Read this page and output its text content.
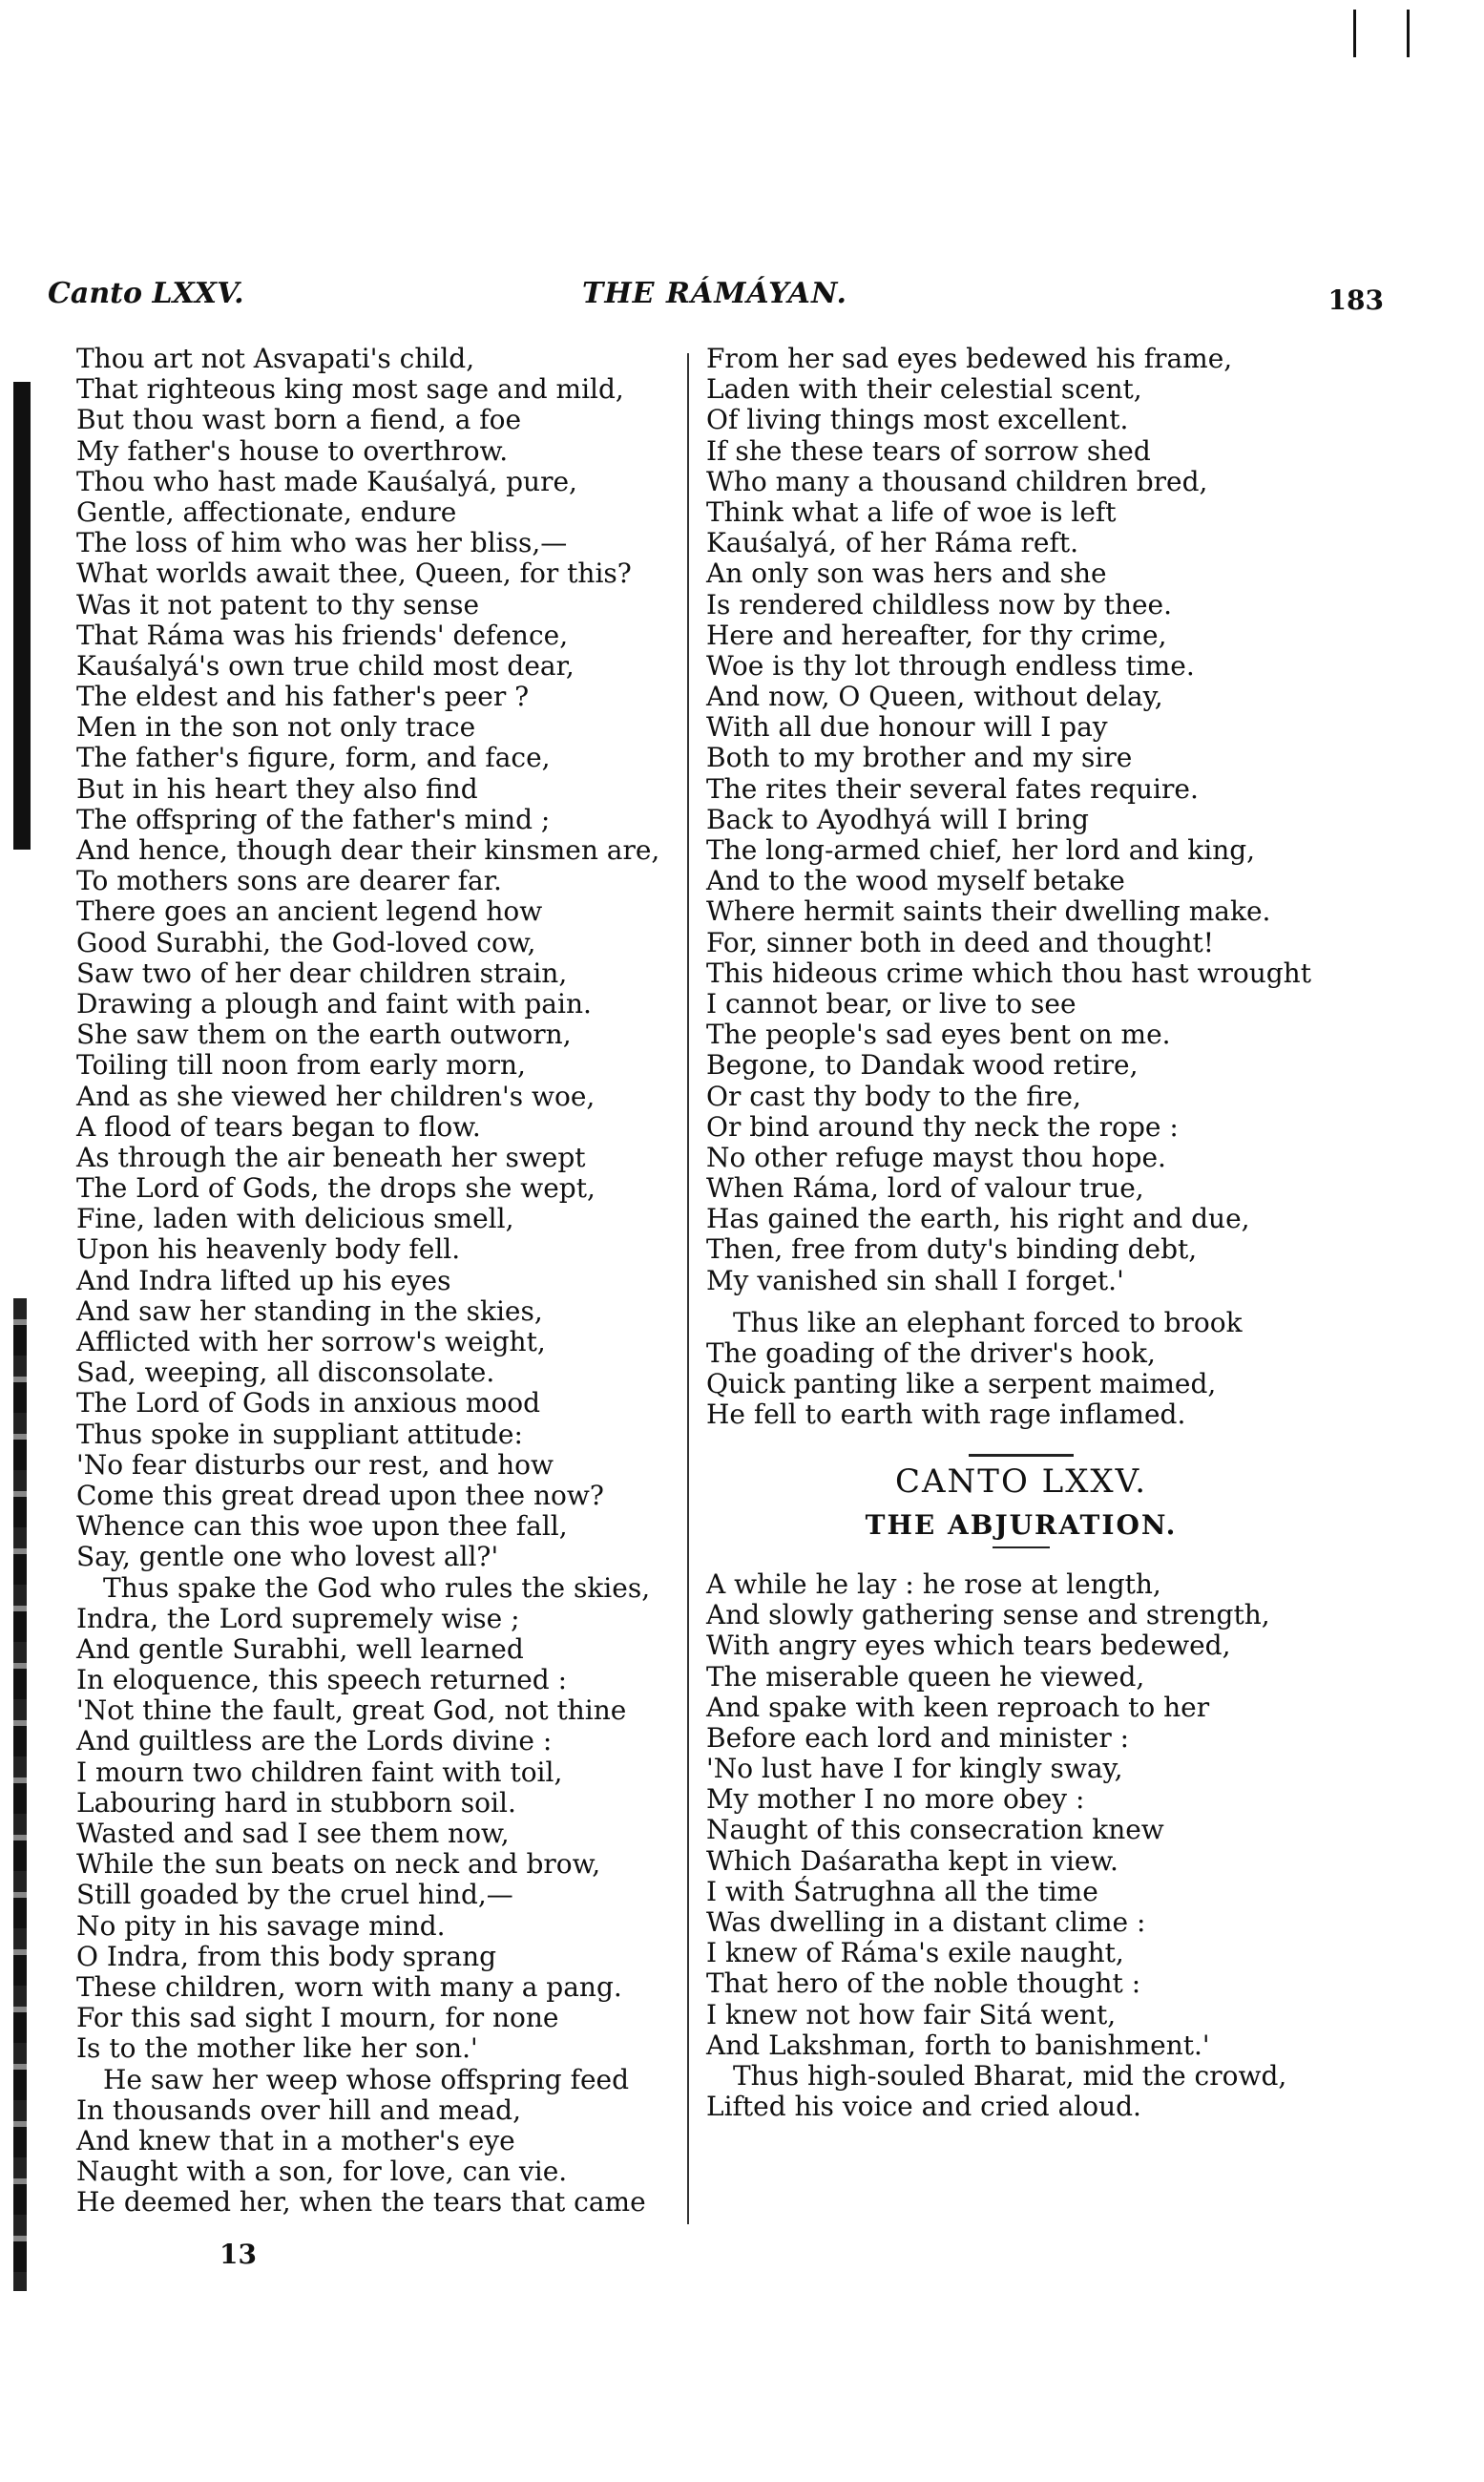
Canto LXXV.	THE RÁMÁYAN.	183
Thou art not Asvapati's child,
That righteous king most sage and mild,
But thou wast born a fiend, a foe
My father's house to overthrow.
Thou who hast made Kauśalyá, pure,
Gentle, affectionate, endure
The loss of him who was her bliss,—
What worlds await thee, Queen, for this?
Was it not patent to thy sense
That Ráma was his friends' defence,
Kauśalyá's own true child most dear,
The eldest and his father's peer ?
Men in the son not only trace
The father's figure, form, and face,
But in his heart they also find
The offspring of the father's mind ;
And hence, though dear their kinsmen are,
To mothers sons are dearer far.
There goes an ancient legend how
Good Surabhi, the God-loved cow,
Saw two of her dear children strain,
Drawing a plough and faint with pain.
She saw them on the earth outworn,
Toiling till noon from early morn,
And as she viewed her children's woe,
A flood of tears began to flow.
As through the air beneath her swept
The Lord of Gods, the drops she wept,
Fine, laden with delicious smell,
Upon his heavenly body fell.
And Indra lifted up his eyes
And saw her standing in the skies,
Afflicted with her sorrow's weight,
Sad, weeping, all disconsolate.
The Lord of Gods in anxious mood
Thus spoke in suppliant attitude:
'No fear disturbs our rest, and how
Come this great dread upon thee now?
Whence can this woe upon thee fall,
Say, gentle one who lovest all?'
Thus spake the God who rules the skies,
Indra, the Lord supremely wise ;
And gentle Surabhi, well learned
In eloquence, this speech returned :
'Not thine the fault, great God, not thine
And guiltless are the Lords divine :
I mourn two children faint with toil,
Labouring hard in stubborn soil.
Wasted and sad I see them now,
While the sun beats on neck and brow,
Still goaded by the cruel hind,—
No pity in his savage mind.
O Indra, from this body sprang
These children, worn with many a pang.
For this sad sight I mourn, for none
Is to the mother like her son.'
He saw her weep whose offspring feed
In thousands over hill and mead,
And knew that in a mother's eye
Naught with a son, for love, can vie.
He deemed her, when the tears that came
From her sad eyes bedewed his frame,
Laden with their celestial scent,
Of living things most excellent.
If she these tears of sorrow shed
Who many a thousand children bred,
Think what a life of woe is left
Kauśalyá, of her Ráma reft.
An only son was hers and she
Is rendered childless now by thee.
Here and hereafter, for thy crime,
Woe is thy lot through endless time.
And now, O Queen, without delay,
With all due honour will I pay
Both to my brother and my sire
The rites their several fates require.
Back to Ayodhyá will I bring
The long-armed chief, her lord and king,
And to the wood myself betake
Where hermit saints their dwelling make.
For, sinner both in deed and thought!
This hideous crime which thou hast wrought
I cannot bear, or live to see
The people's sad eyes bent on me.
Begone, to Dandak wood retire,
Or cast thy body to the fire,
Or bind around thy neck the rope :
No other refuge mayst thou hope.
When Ráma, lord of valour true,
Has gained the earth, his right and due,
Then, free from duty's binding debt,
My vanished sin shall I forget.'
Thus like an elephant forced to brook
The goading of the driver's hook,
Quick panting like a serpent maimed,
He fell to earth with rage inflamed.
CANTO LXXV.
THE ABJURATION.
A while he lay : he rose at length,
And slowly gathering sense and strength,
With angry eyes which tears bedewed,
The miserable queen he viewed,
And spake with keen reproach to her
Before each lord and minister :
'No lust have I for kingly sway,
My mother I no more obey :
Naught of this consecration knew
Which Daśaratha kept in view.
I with Śatrughna all the time
Was dwelling in a distant clime :
I knew of Ráma's exile naught,
That hero of the noble thought :
I knew not how fair Sitá went,
And Lakshman, forth to banishment.'
Thus high-souled Bharat, mid the crowd,
Lifted his voice and cried aloud.
13
